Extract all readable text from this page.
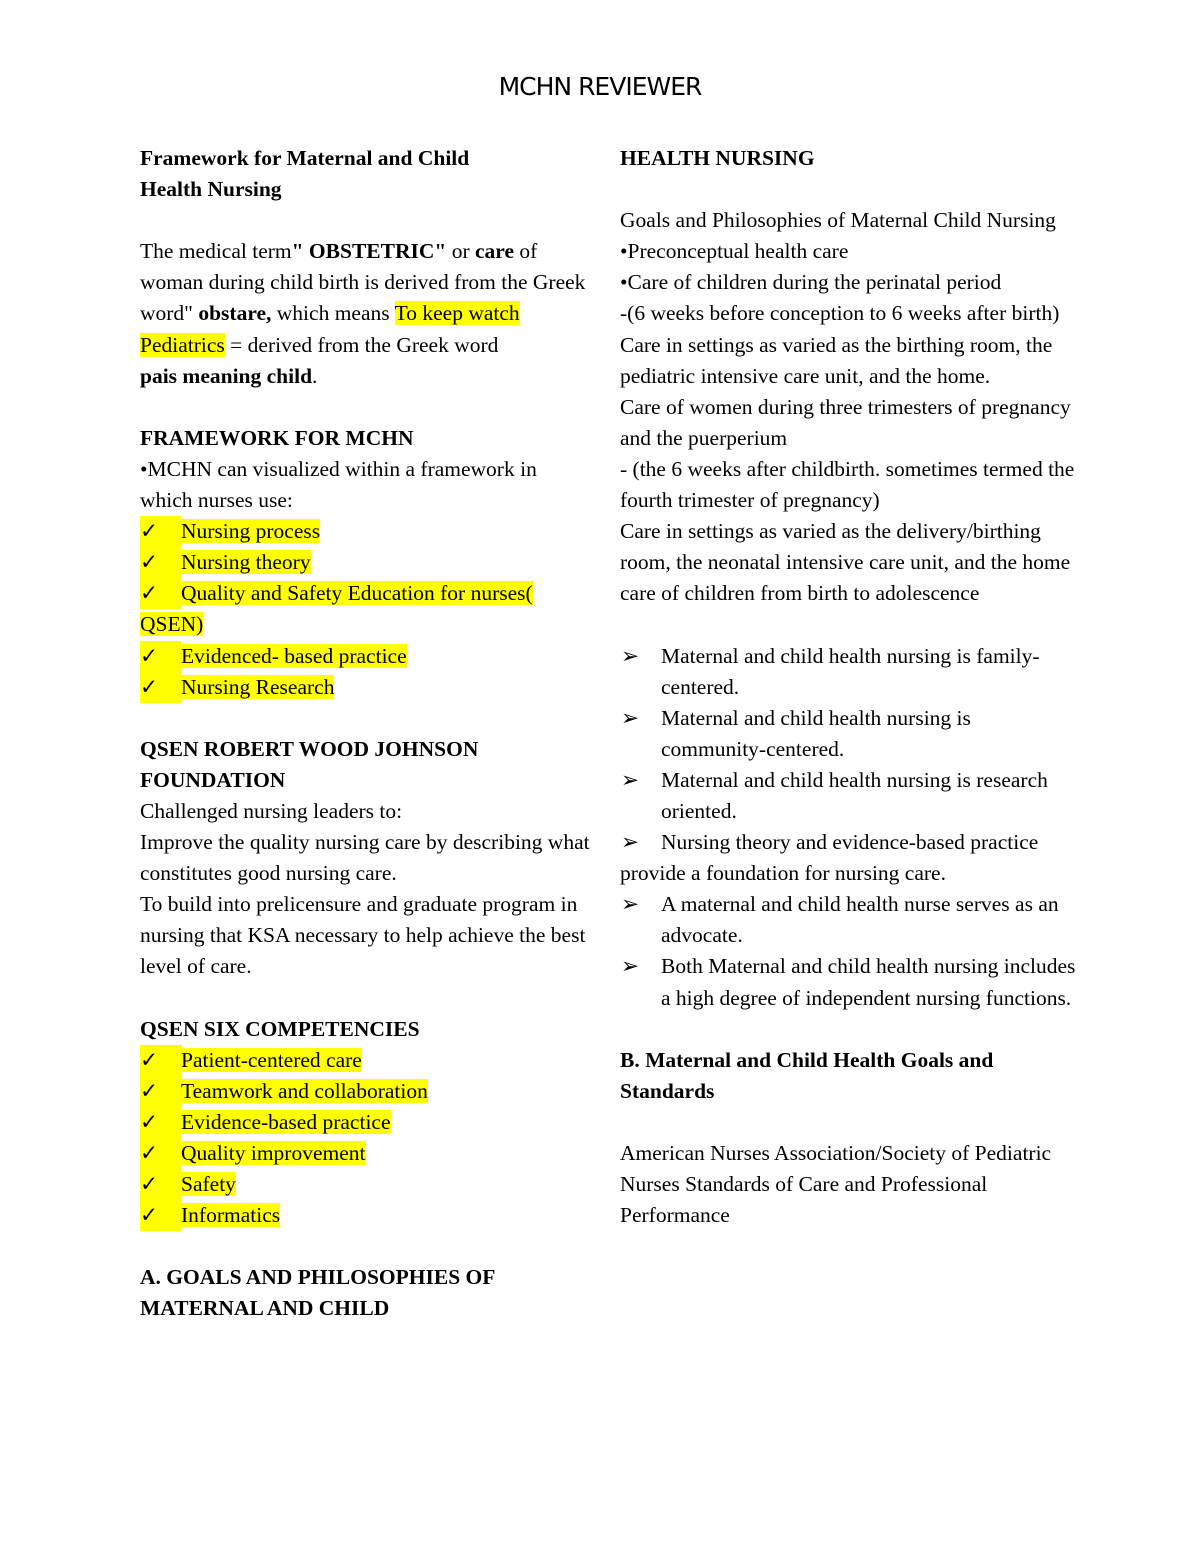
MCHN REVIEWER

Framework for Maternal and Child
Health Nursing

The medical term" OBSTETRIC" or care of woman during child birth is derived from the Greek word" obstare, which means To keep watch

Pediatrics = derived from the Greek word
pais meaning child.

FRAMEWORK FOR MCHN

•MCHN can visualized within a framework in which nurses use:

✓	Nursing process

✓	Nursing theory

✓	Quality and Safety Education for nurses( QSEN)

✓	Evidenced- based practice

✓	Nursing Research

QSEN ROBERT WOOD JOHNSON FOUNDATION

Challenged nursing leaders to:

Improve the quality nursing care by describing what constitutes good nursing care.

To build into prelicensure and graduate program in nursing that KSA necessary to help achieve the best level of care.

QSEN SIX COMPETENCIES

✓	Patient-centered care

✓	Teamwork and collaboration

✓	Evidence-based practice

✓	Quality improvement

✓	Safety

✓	Informatics

A. GOALS AND PHILOSOPHIES OF MATERNAL AND CHILD

HEALTH NURSING

Goals and Philosophies of Maternal Child Nursing

•Preconceptual health care

•Care of children during the perinatal period

-(6 weeks before conception to 6 weeks after birth)

Care in settings as varied as the birthing room, the pediatric intensive care unit, and the home.

Care of women during three trimesters of pregnancy and the puerperium

- (the 6 weeks after childbirth. sometimes termed the fourth trimester of pregnancy)

Care in settings as varied as the delivery/birthing room, the neonatal intensive care unit, and the home care of children from birth to adolescence

➢ Maternal and child health nursing is family-centered.

➢ Maternal and child health nursing is community-centered.

➢ Maternal and child health nursing is research oriented.

➢ Nursing theory and evidence-based practice provide a foundation for nursing care.

➢ A maternal and child health nurse serves as an advocate.

➢ Both Maternal and child health nursing includes a high degree of independent nursing functions.

B. Maternal and Child Health Goals and Standards

American Nurses Association/Society of Pediatric Nurses Standards of Care and Professional Performance
